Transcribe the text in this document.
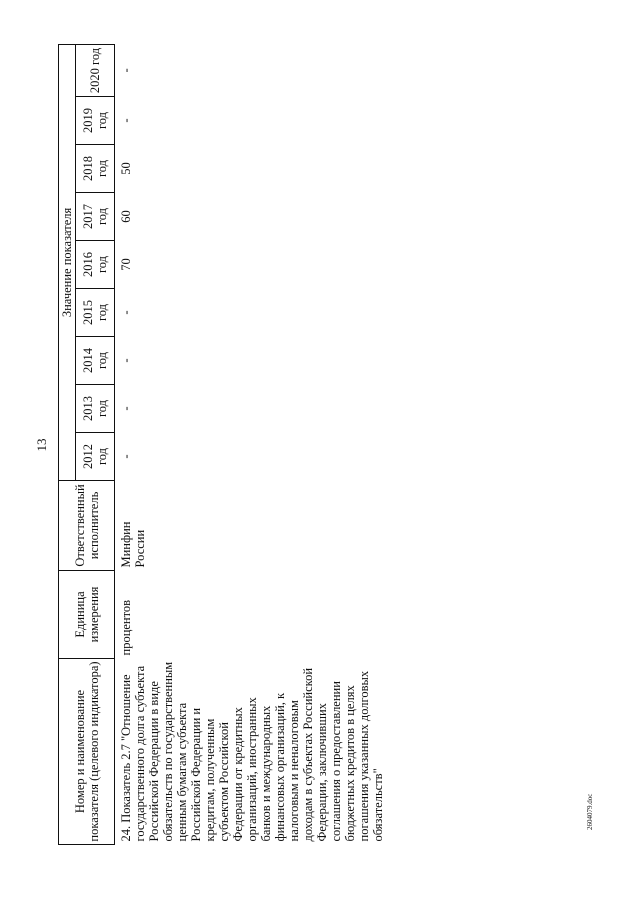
13
2604079.doc
Номер и наименование показателя (целевого индикатора)	Единица измерения	Ответственный исполнитель	Значение показателя								
			2012 год	2013 год	2014 год	2015 год	2016 год	2017 год	2018 год	2019 год	2020 год
24. Показатель 2.7 "Отношение государственного долга субъекта Российской Федерации в виде обязательств по государственным ценным бумагам субъекта Российской Федерации и кредитам, полученным субъектом Российской Федерации от кредитных организаций, иностранных банков и международных финансовых организаций, к налоговым и неналоговым доходам в субъектах Российской Федерации, заключивших соглашения о предоставлении бюджетных кредитов в целях погашения указанных долговых обязательств"	процентов	Минфин России	-	-	-	-	70	60	50	-	-
